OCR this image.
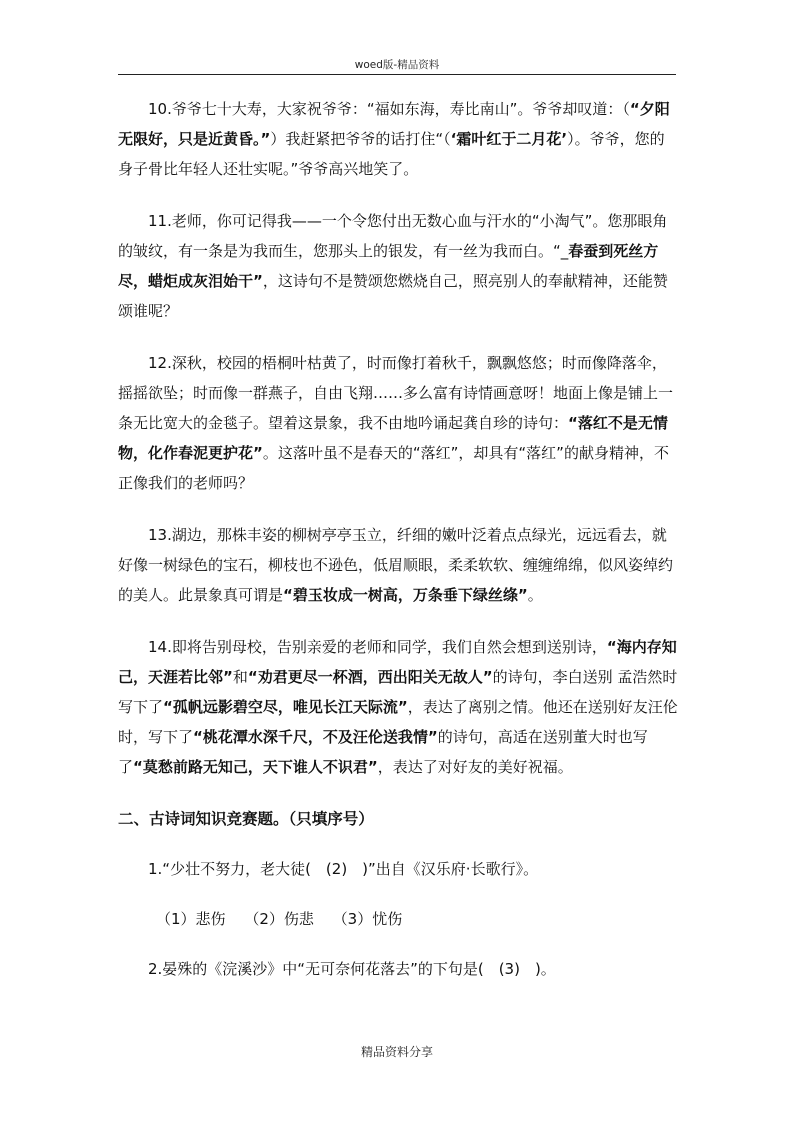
woed版-精品资料

10.爷爷七十大寿，大家祝爷爷：“福如东海，寿比南山”。爷爷却叹道：（“夕阳无限好，只是近黄昏。”）我赶紧把爷爷的话打住“（‘霜叶红于二月花’）。爷爷，您的身子骨比年轻人还壮实呢。”爷爷高兴地笑了。

11.老师，你可记得我——一个令您付出无数心血与汗水的“小淘气”。您那眼角的皱纹，有一条是为我而生，您那头上的银发，有一丝为我而白。“_春蚕到死丝方尽，蜡炬成灰泪始干”，这诗句不是赞颂您燃烧自己，照亮别人的奉献精神，还能赞颂谁呢？

12.深秋，校园的梧桐叶枯黄了，时而像打着秋千，飘飘悠悠；时而像降落伞，摇摇欲坠；时而像一群燕子，自由飞翔……多么富有诗情画意呀！地面上像是铺上一条无比宽大的金毯子。望着这景象，我不由地吟诵起龚自珍的诗句：“落红不是无情物，化作春泥更护花”。这落叶虽不是春天的“落红”，却具有“落红”的献身精神，不正像我们的老师吗？

13.湖边，那株丰姿的柳树亭亭玉立，纤细的嫩叶泛着点点绿光，远远看去，就好像一树绿色的宝石，柳枝也不逊色，低眉顺眼，柔柔软软、缠缠绵绵，似风姿绰约的美人。此景象真可谓是“碧玉妆成一树高，万条垂下绿丝绦”。

14.即将告别母校，告别亲爱的老师和同学，我们自然会想到送别诗，“海内存知己，天涯若比邻”和“劝君更尽一杯酒，西出阳关无故人”的诗句，李白送别 孟浩然时写下了“孤帆远影碧空尽，唯见长江天际流”，表达了离别之情。他还在送别好友汪伦时，写下了“桃花潭水深千尺，不及汪伦送我情”的诗句，高适在送别董大时也写了“莫愁前路无知己，天下谁人不识君”，表达了对好友的美好祝福。

二、古诗词知识竞赛题。（只填序号）

1.“少壮不努力，老大徒(　(2)　)”出自《汉乐府·长歌行》。

（1）悲伤 （2）伤悲 （3）忧伤

2.晏殊的《浣溪沙》中“无可奈何花落去”的下句是(　(3)　)。

精品资料分享
